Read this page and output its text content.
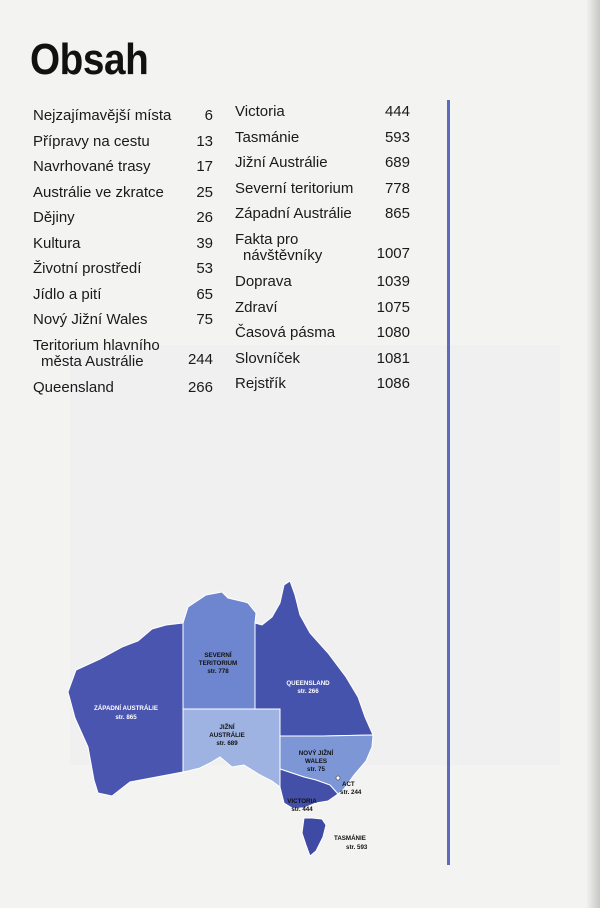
Obsah
Nejzajímavější místa 6
Přípravy na cestu	13
Navrhované trasy	17
Austrálie ve zkratce 25
Dějiny	26
Kultura	39
Životní prostředí	53
Jídlo a pití	65
Nový Jižní Wales	75
Teritorium hlavního
města Austrálie	244
Queensland	266
Victoria	444
Tasmánie	593
Jižní Austrálie	689
Severní teritorium 778
Západní Austrálie 865
Fakta pro
návštěvníky	1007
Doprava	1039
Zdraví	1075
Časová pásma	1080
Slovníček	1081
Rejstřík	1086
ZÁPADNÍ AUSTRÁLIE
str. 865
SEVERNÍ
TERITORIUM
str. 778
QUEENSLAND
str. 266
JIŽNÍ
AUSTRÁLIE
str. 689
NOVÝ JIŽNÍ
WALES
str. 75
ACT
str. 244
VICTORIA
str. 444
TASMÁNIE
str. 593
